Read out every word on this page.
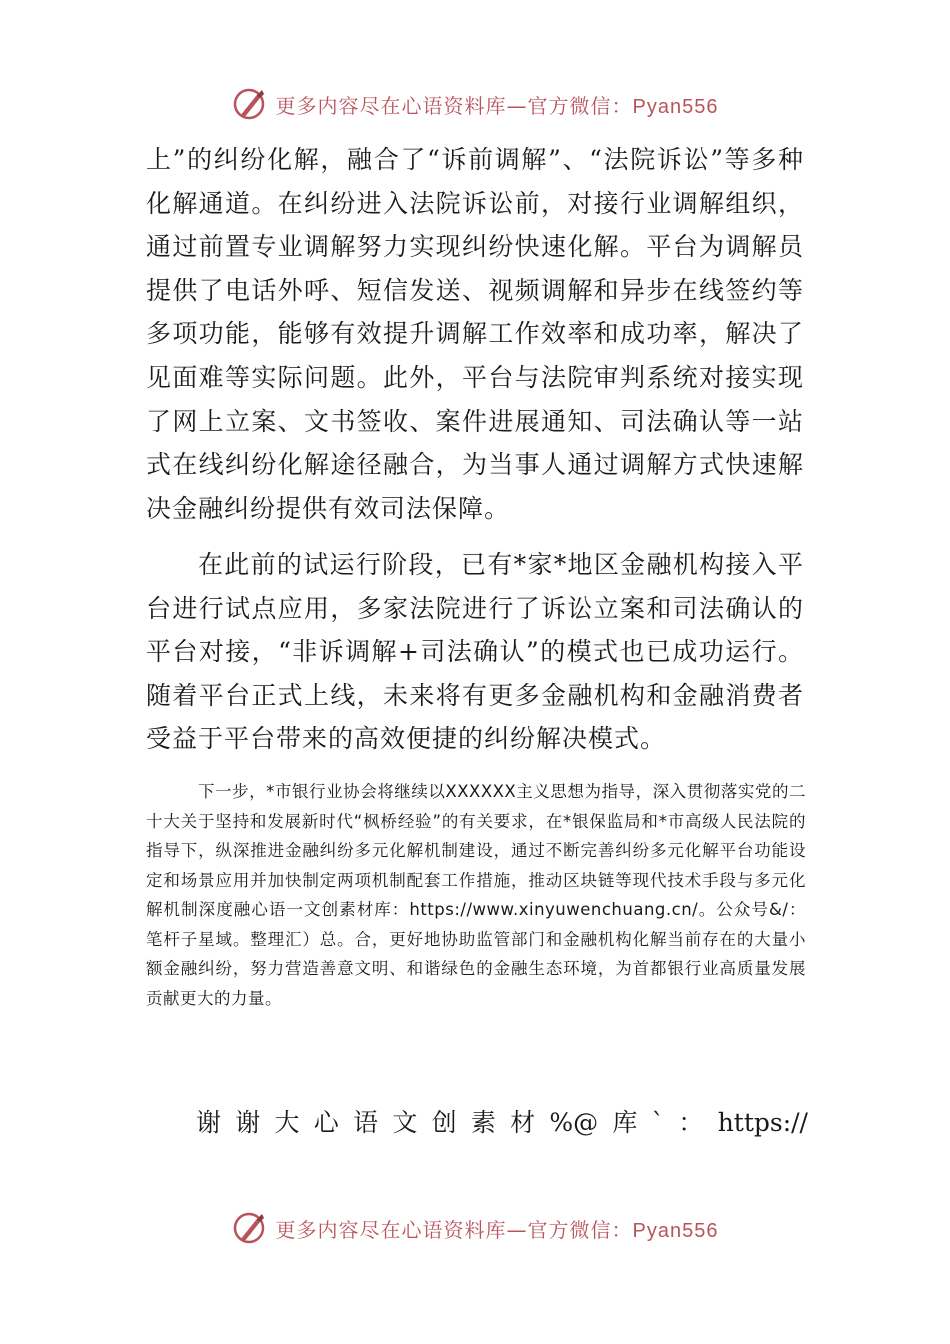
更多内容尽在心语资料库—官方微信：Pyan556

上”的纠纷化解，融合了“诉前调解”、“法院诉讼”等多种化解通道。在纠纷进入法院诉讼前，对接行业调解组织，通过前置专业调解努力实现纠纷快速化解。平台为调解员提供了电话外呼、短信发送、视频调解和异步在线签约等多项功能，能够有效提升调解工作效率和成功率，解决了见面难等实际问题。此外，平台与法院审判系统对接实现了网上立案、文书签收、案件进展通知、司法确认等一站式在线纠纷化解途径融合，为当事人通过调解方式快速解决金融纠纷提供有效司法保障。

在此前的试运行阶段，已有*家*地区金融机构接入平台进行试点应用，多家法院进行了诉讼立案和司法确认的平台对接，“非诉调解+司法确认”的模式也已成功运行。随着平台正式上线，未来将有更多金融机构和金融消费者受益于平台带来的高效便捷的纠纷解决模式。

下一步，*市银行业协会将继续以XXXXXX主义思想为指导，深入贯彻落实党的二十大关于坚持和发展新时代“枫桥经验”的有关要求，在*银保监局和*市高级人民法院的指导下，纵深推进金融纠纷多元化解机制建设，通过不断完善纠纷多元化解平台功能设定和场景应用并加快制定两项机制配套工作措施，推动区块链等现代技术手段与多元化解机制深度融心语一文创素材库：https://www.xinyuwenchuang.cn/。公众号&/：笔杆子星域。整理汇）总。合，更好地协助监管部门和金融机构化解当前存在的大量小额金融纠纷，努力营造善意文明、和谐绿色的金融生态环境，为首都银行业高质量发展贡献更大的力量。

谢 谢 大 心 语 文 创 素 材 %@ 库 ` ： https://
更多内容尽在心语资料库—官方微信：Pyan556
